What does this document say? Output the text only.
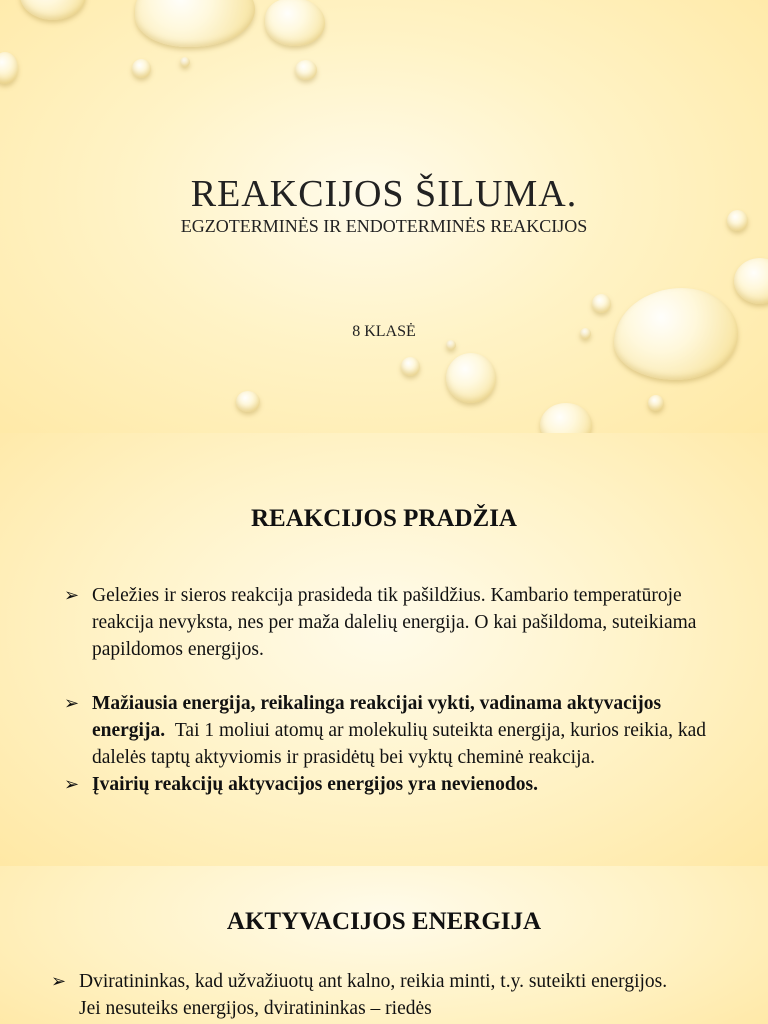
REAKCIJOS ŠILUMA.
EGZOTERMINĖS IR ENDOTERMINĖS REAKCIJOS
8 KLASĖ
REAKCIJOS PRADŽIA
➢ Geležies ir sieros reakcija prasideda tik pašildžius. Kambario temperatūroje reakcija nevyksta, nes per maža dalelių energija. O kai pašildoma, suteikiama papildomos energijos.
➢ Mažiausia energija, reikalinga reakcijai vykti, vadinama aktyvacijos energija. Tai 1 moliui atomų ar molekulių suteikta energija, kurios reikia, kad dalelės taptų aktyviomis ir prasidėtų bei vyktų cheminė reakcija.
➢ Įvairių reakcijų aktyvacijos energijos yra nevienodos.
AKTYVACIJOS ENERGIJA
➢ Dviratininkas, kad užvažiuotų ant kalno, reikia minti, t.y. suteikti energijos. Jei nesuteiks energijos, dviratininkas – riedės
